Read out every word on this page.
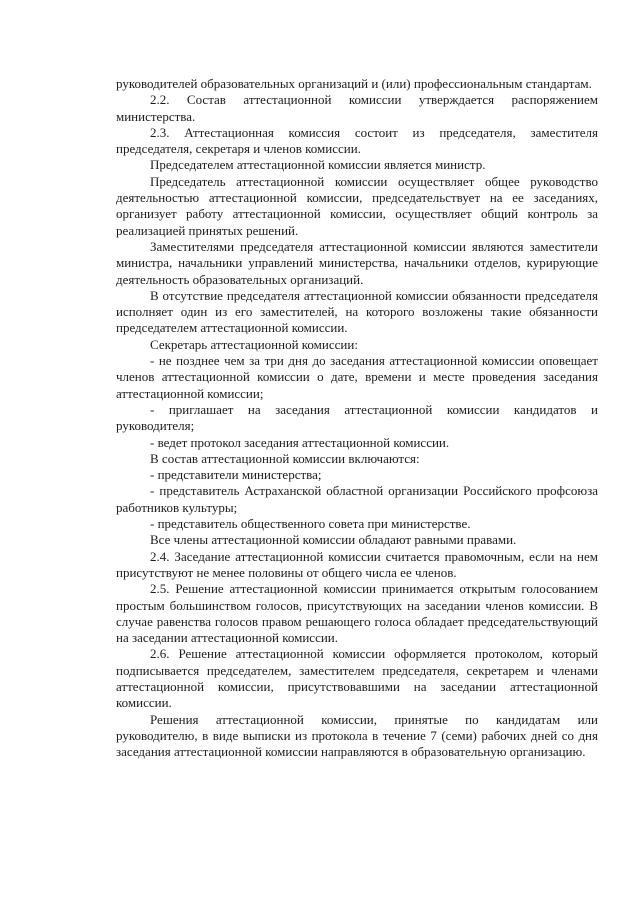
руководителей образовательных организаций и (или) профессиональным стандартам.

2.2. Состав аттестационной комиссии утверждается распоряжением министерства.

2.3. Аттестационная комиссия состоит из председателя, заместителя председателя, секретаря и членов комиссии.

Председателем аттестационной комиссии является министр.

Председатель аттестационной комиссии осуществляет общее руководство деятельностью аттестационной комиссии, председательствует на ее заседаниях, организует работу аттестационной комиссии, осуществляет общий контроль за реализацией принятых решений.

Заместителями председателя аттестационной комиссии являются заместители министра, начальники управлений министерства, начальники отделов, курирующие деятельность образовательных организаций.

В отсутствие председателя аттестационной комиссии обязанности председателя исполняет один из его заместителей, на которого возложены такие обязанности председателем аттестационной комиссии.

Секретарь аттестационной комиссии:

- не позднее чем за три дня до заседания аттестационной комиссии оповещает членов аттестационной комиссии о дате, времени и месте проведения заседания аттестационной комиссии;

- приглашает на заседания аттестационной комиссии кандидатов и руководителя;

- ведет протокол заседания аттестационной комиссии.

В состав аттестационной комиссии включаются:

- представители министерства;

- представитель Астраханской областной организации Российского профсоюза работников культуры;

- представитель общественного совета при министерстве.

Все члены аттестационной комиссии обладают равными правами.

2.4. Заседание аттестационной комиссии считается правомочным, если на нем присутствуют не менее половины от общего числа ее членов.

2.5. Решение аттестационной комиссии принимается открытым голосованием простым большинством голосов, присутствующих на заседании членов комиссии. В случае равенства голосов правом решающего голоса обладает председательствующий на заседании аттестационной комиссии.

2.6. Решение аттестационной комиссии оформляется протоколом, который подписывается председателем, заместителем председателя, секретарем и членами аттестационной комиссии, присутствовавшими на заседании аттестационной комиссии.

Решения аттестационной комиссии, принятые по кандидатам или руководителю, в виде выписки из протокола в течение 7 (семи) рабочих дней со дня заседания аттестационной комиссии направляются в образовательную организацию.
